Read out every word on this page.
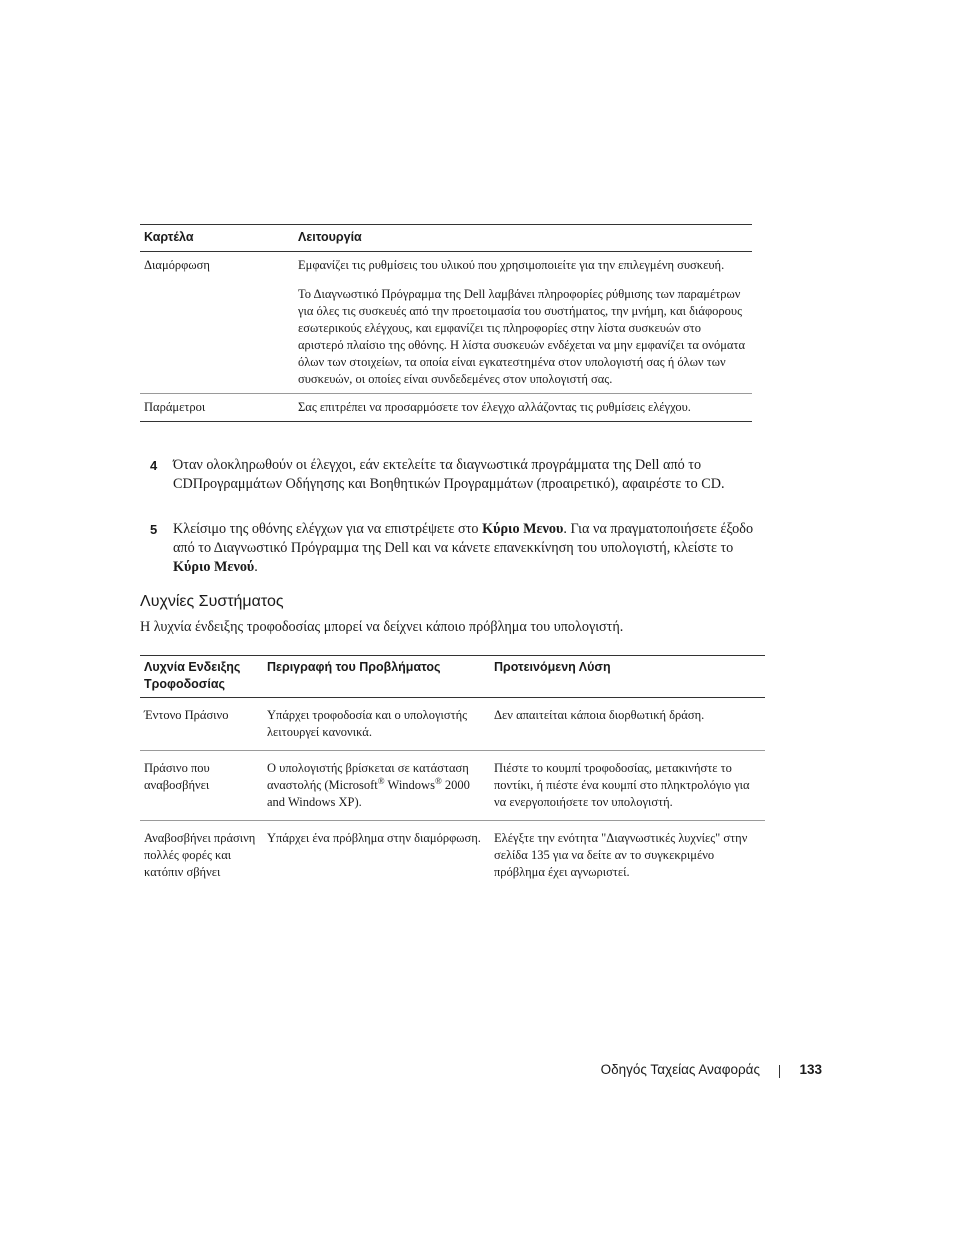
Καρτέλα	Λειτουργία
Διαμόρφωση	Εμφανίζει τις ρυθμίσεις του υλικού που χρησιμοποιείτε για την επιλεγμένη συσκευή.

Το Διαγνωστικό Πρόγραμμα της Dell λαμβάνει πληροφορίες ρύθμισης των παραμέτρων για όλες τις συσκευές από την προετοιμασία του συστήματος, την μνήμη, και διάφορους εσωτερικούς ελέγχους, και εμφανίζει τις πληροφορίες στην λίστα συσκευών στο αριστερό πλαίσιο της οθόνης. Η λίστα συσκευών ενδέχεται να μην εμφανίζει τα ονόματα όλων των στοιχείων, τα οποία είναι εγκατεστημένα στον υπολογιστή σας ή όλων των συσκευών, οι οποίες είναι συνδεδεμένες στον υπολογιστή σας.

Παράμετροι	Σας επιτρέπει να προσαρμόσετε τον έλεγχο αλλάζοντας τις ρυθμίσεις ελέγχου.

4 Όταν ολοκληρωθούν οι έλεγχοι, εάν εκτελείτε τα διαγνωστικά προγράμματα της Dell από το CDΠρογραμμάτων Οδήγησης και Βοηθητικών Προγραμμάτων (προαιρετικό), αφαιρέστε το CD.
5 Κλείσιμο της οθόνης ελέγχων για να επιστρέψετε στο Κύριο Μενου. Για να πραγματοποιήσετε έξοδο από το Διαγνωστικό Πρόγραμμα της Dell και να κάνετε επανεκκίνηση του υπολογιστή, κλείστε το Κύριο Μενού.
Λυχνίες Συστήματος
Η λυχνία ένδειξης τροφοδοσίας μπορεί να δείχνει κάποιο πρόβλημα του υπολογιστή.
Λυχνία Ενδειξης Τροφοδοσίας	Περιγραφή του Προβλήματος	Προτεινόμενη Λύση
Έντονο Πράσινο	Υπάρχει τροφοδοσία και ο υπολογιστής λειτουργεί κανονικά.	Δεν απαιτείται κάποια διορθωτική δράση.
Πράσινο που αναβοσβήνει	Ο υπολογιστής βρίσκεται σε κατάσταση αναστολής (Microsoft® Windows® 2000 and Windows XP).	Πιέστε το κουμπί τροφοδοσίας, μετακινήστε το ποντίκι, ή πιέστε ένα κουμπί στο πληκτρολόγιο για να ενεργοποιήσετε τον υπολογιστή.
Αναβοσβήνει πράσινη πολλές φορές και κατόπιν σβήνει	Υπάρχει ένα πρόβλημα στην διαμόρφωση.	Ελέγξτε την ενότητα "Διαγνωστικές λυχνίες" στην σελίδα 135 για να δείτε αν το συγκεκριμένο πρόβλημα έχει αγνωριστεί.
Οδηγός Ταχείας Αναφοράς	133
